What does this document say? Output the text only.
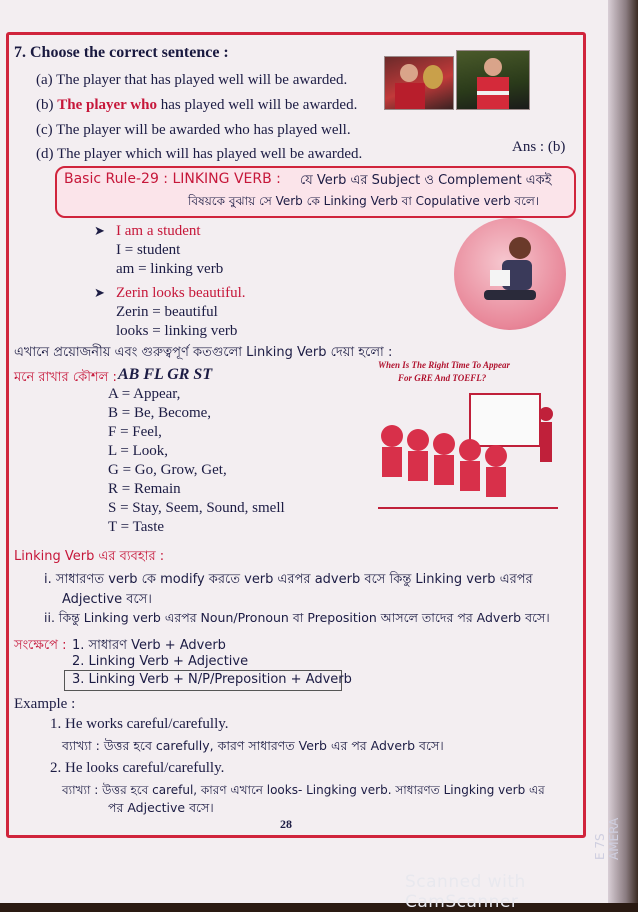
7. Choose the correct sentence :
(a) The player that has played well will be awarded.
(b) The player who has played well will be awarded.
(c) The player will be awarded who has played well.
(d) The player which will has played well be awarded.	Ans : (b)
Basic Rule-29 : LINKING VERB : যে Verb এর Subject ও Complement একই
বিষয়কে বুঝায় সে Verb কে Linking Verb বা Copulative verb বলে।
➤ I am a student
I = student
am = linking verb
➤ Zerin looks beautiful.
Zerin = beautiful
looks = linking verb
এখানে প্রয়োজনীয় এবং গুরুত্বপূর্ণ কতগুলো Linking Verb দেয়া হলো :
মনে রাখার কৌশল : AB FL GR ST
A = Appear,
B = Be, Become,
F = Feel,
L = Look,
G = Go, Grow, Get,
R = Remain
S = Stay, Seem, Sound, smell
T = Taste
When Is The Right Time To Appear
For GRE And TOEFL?
Linking Verb এর ব্যবহার :
i. সাধারণত verb কে modify করতে verb এরপর adverb বসে কিন্তু Linking verb এরপর
Adjective বসে।
ii. কিন্তু Linking verb এরপর Noun/Pronoun বা Preposition আসলে তাদের পর Adverb বসে।
সংক্ষেপে : 1. সাধারণ Verb + Adverb
2. Linking Verb + Adjective
3. Linking Verb + N/P/Preposition + Adverb
Example :
1. He works careful/carefully.
ব্যাখ্যা : উত্তর হবে carefully, কারণ সাধারণত Verb এর পর Adverb বসে।
2. He looks careful/carefully.
ব্যাখ্যা : উত্তর হবে careful, কারণ এখানে looks- Lingking verb. সাধারণত Lingking verb এর
পর Adjective বসে।
28
Scanned with CamScanner
E 7S AMERA
